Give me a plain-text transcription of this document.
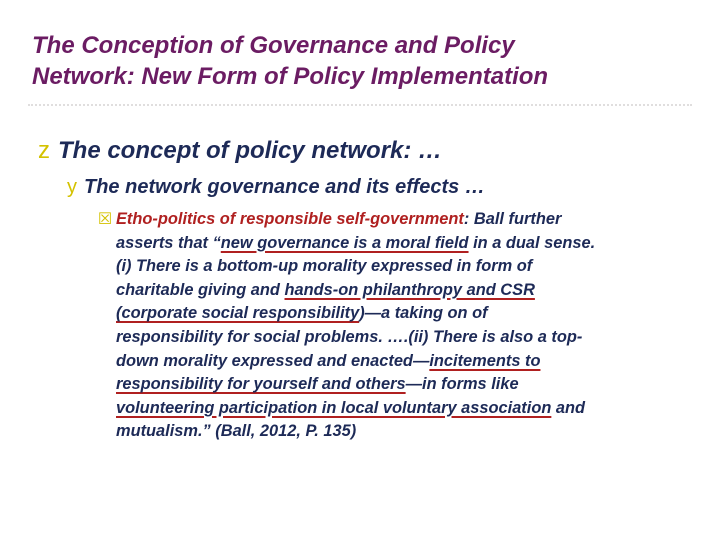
The Conception of Governance and Policy
Network: New Form of Policy Implementation
z The concept of policy network: …
y The network governance and its effects …
☒ Etho-politics of responsible self-government: Ball further
asserts that “new governance is a moral field in a dual sense.
(i) There is a bottom-up morality expressed in form of
charitable giving and hands-on philanthropy and CSR
(corporate social responsibility)—a taking on of
responsibility for social problems. ….(ii) There is also a top-
down morality expressed and enacted—incitements to
responsibility for yourself and others—in forms like
volunteering participation in local voluntary association and
mutualism.” (Ball, 2012, P. 135)
